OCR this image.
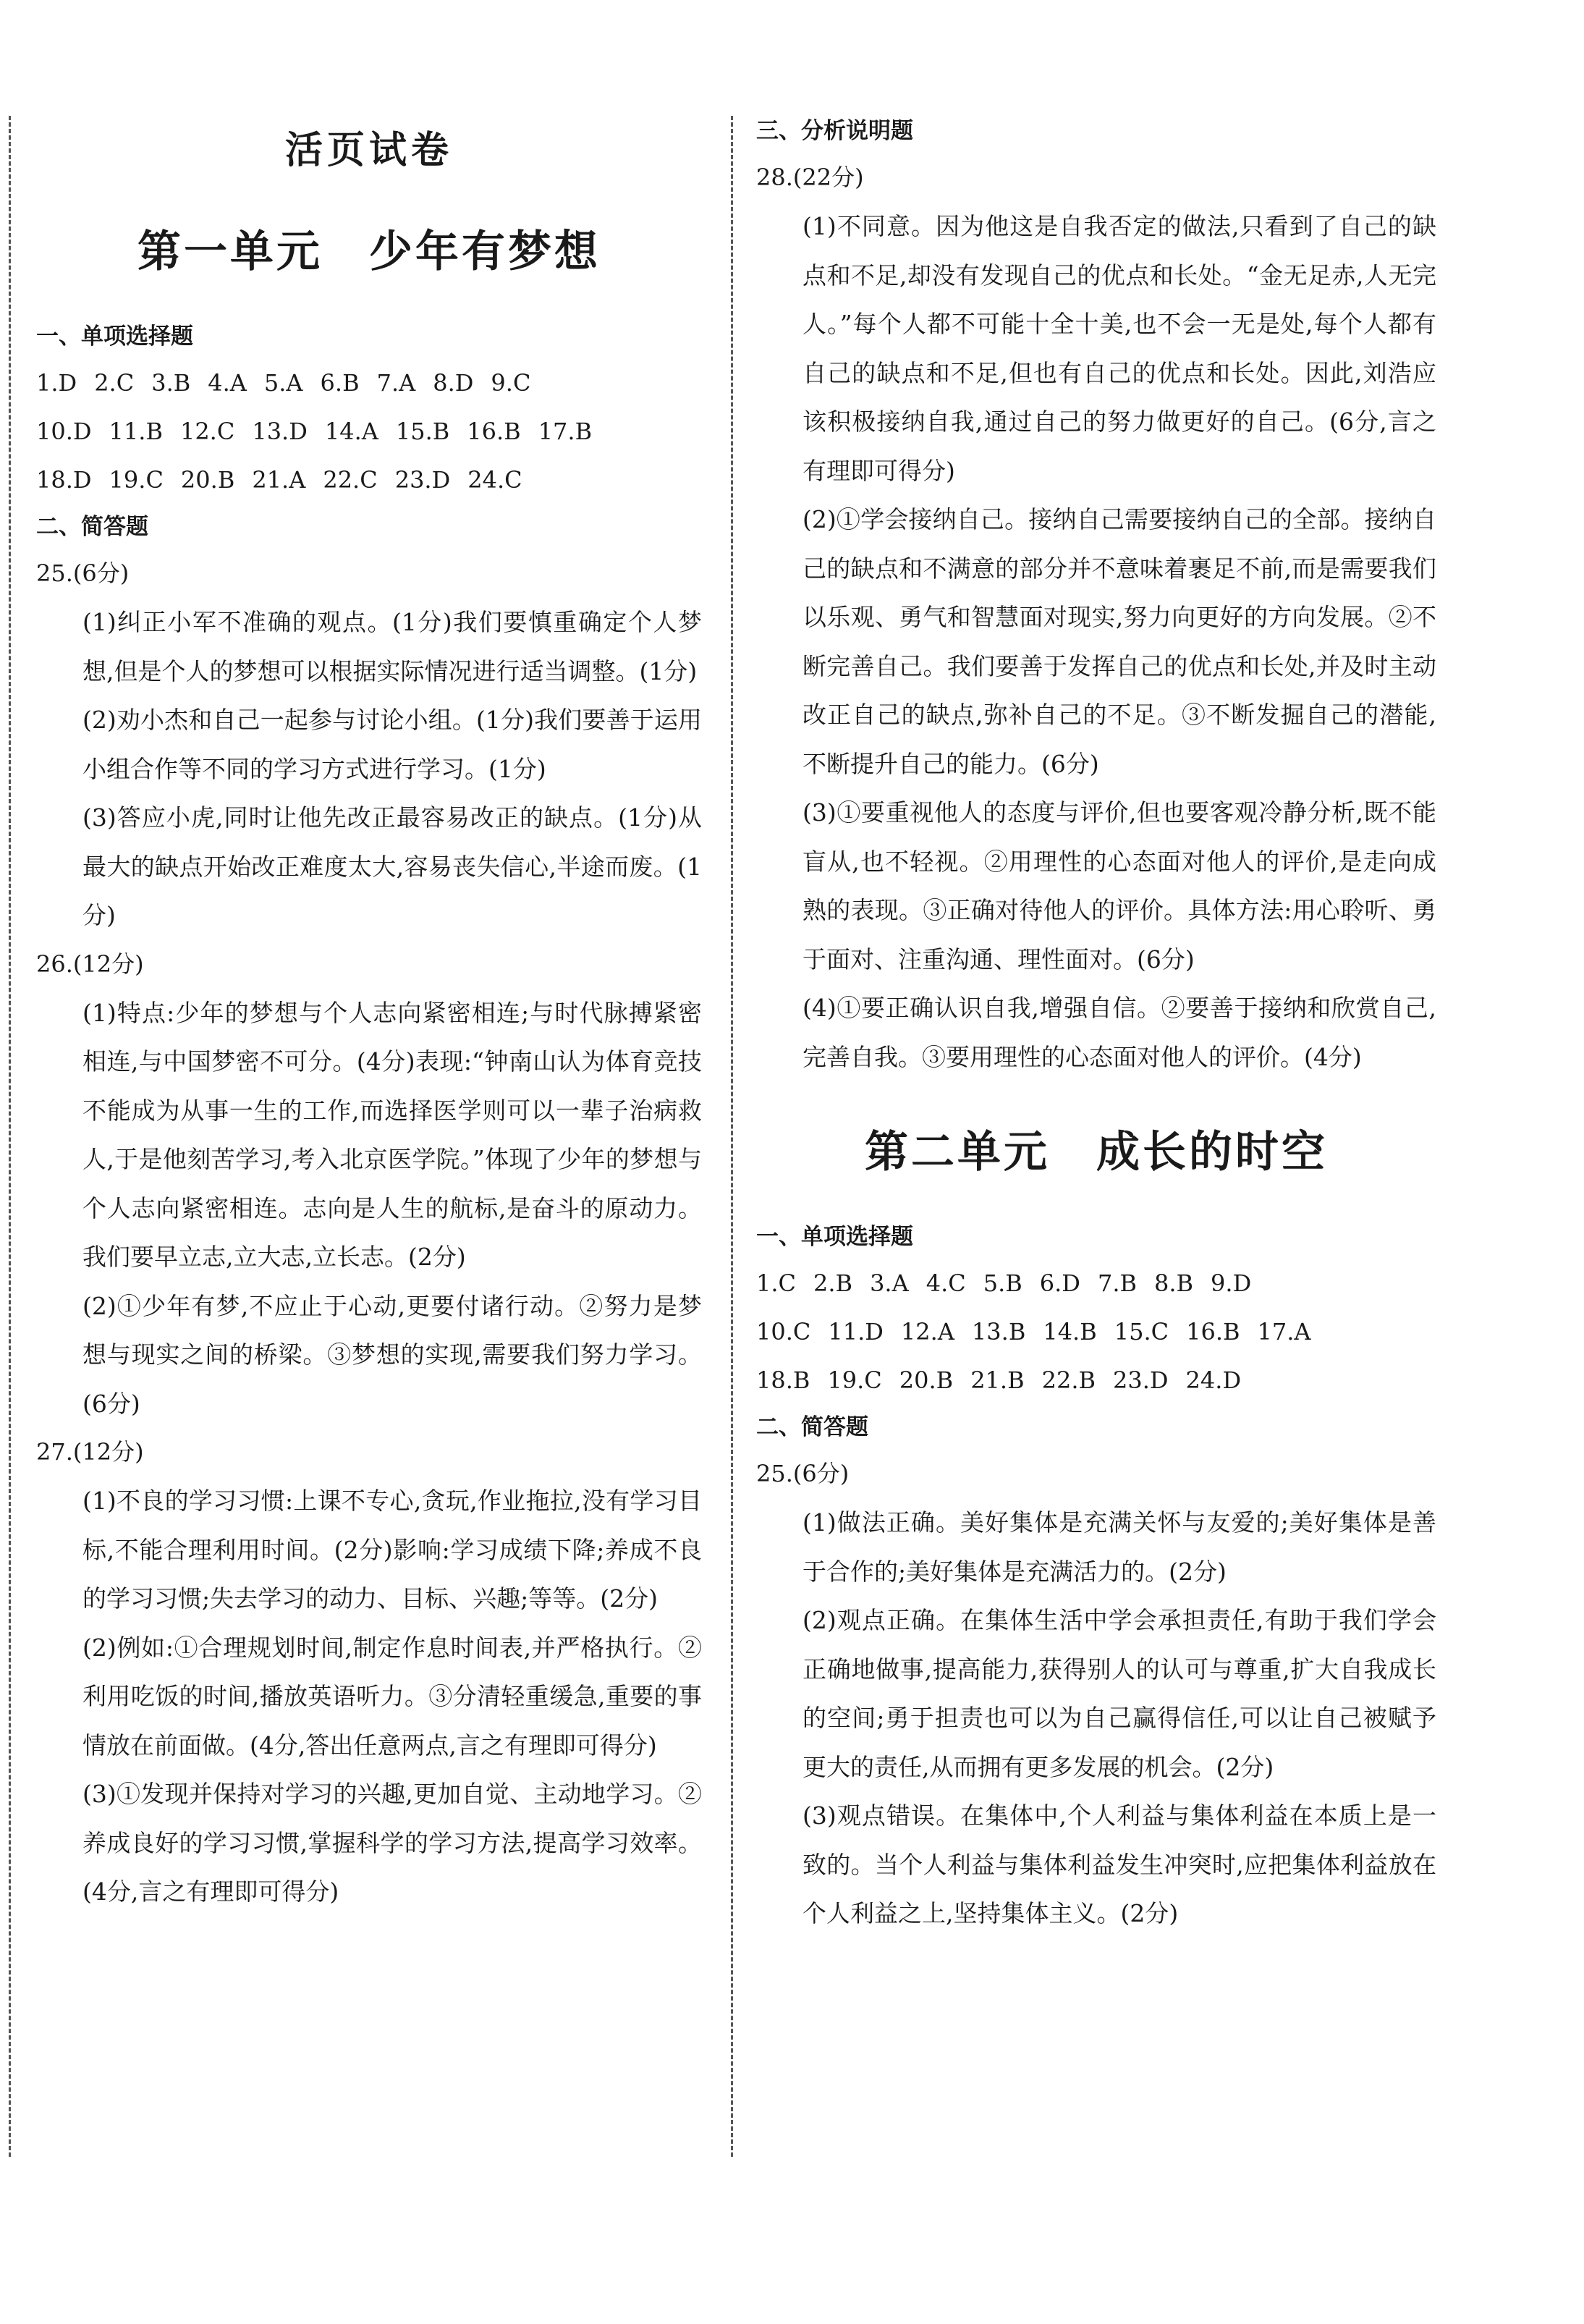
活页试卷
第一单元　少年有梦想
一、单项选择题
1.D 2.C 3.B 4.A 5.A 6.B 7.A 8.D 9.C
10.D 11.B 12.C 13.D 14.A 15.B 16.B 17.B
18.D 19.C 20.B 21.A 22.C 23.D 24.C
二、简答题
25.(6分)
(1)纠正小军不准确的观点。(1分)我们要慎重确定个人梦想,但是个人的梦想可以根据实际情况进行适当调整。(1分)
(2)劝小杰和自己一起参与讨论小组。(1分)我们要善于运用小组合作等不同的学习方式进行学习。(1分)
(3)答应小虎,同时让他先改正最容易改正的缺点。(1分)从最大的缺点开始改正难度太大,容易丧失信心,半途而废。(1分)
26.(12分)
(1)特点:少年的梦想与个人志向紧密相连;与时代脉搏紧密相连,与中国梦密不可分。(4分)表现:“钟南山认为体育竞技不能成为从事一生的工作,而选择医学则可以一辈子治病救人,于是他刻苦学习,考入北京医学院。”体现了少年的梦想与个人志向紧密相连。志向是人生的航标,是奋斗的原动力。我们要早立志,立大志,立长志。(2分)
(2)①少年有梦,不应止于心动,更要付诸行动。②努力是梦想与现实之间的桥梁。③梦想的实现,需要我们努力学习。(6分)
27.(12分)
(1)不良的学习习惯:上课不专心,贪玩,作业拖拉,没有学习目标,不能合理利用时间。(2分)影响:学习成绩下降;养成不良的学习习惯;失去学习的动力、目标、兴趣;等等。(2分)
(2)例如:①合理规划时间,制定作息时间表,并严格执行。②利用吃饭的时间,播放英语听力。③分清轻重缓急,重要的事情放在前面做。(4分,答出任意两点,言之有理即可得分)
(3)①发现并保持对学习的兴趣,更加自觉、主动地学习。②养成良好的学习习惯,掌握科学的学习方法,提高学习效率。(4分,言之有理即可得分)
三、分析说明题
28.(22分)
(1)不同意。因为他这是自我否定的做法,只看到了自己的缺点和不足,却没有发现自己的优点和长处。“金无足赤,人无完人。”每个人都不可能十全十美,也不会一无是处,每个人都有自己的缺点和不足,但也有自己的优点和长处。因此,刘浩应该积极接纳自我,通过自己的努力做更好的自己。(6分,言之有理即可得分)
(2)①学会接纳自己。接纳自己需要接纳自己的全部。接纳自己的缺点和不满意的部分并不意味着裹足不前,而是需要我们以乐观、勇气和智慧面对现实,努力向更好的方向发展。②不断完善自己。我们要善于发挥自己的优点和长处,并及时主动改正自己的缺点,弥补自己的不足。③不断发掘自己的潜能,不断提升自己的能力。(6分)
(3)①要重视他人的态度与评价,但也要客观冷静分析,既不能盲从,也不轻视。②用理性的心态面对他人的评价,是走向成熟的表现。③正确对待他人的评价。具体方法:用心聆听、勇于面对、注重沟通、理性面对。(6分)
(4)①要正确认识自我,增强自信。②要善于接纳和欣赏自己,完善自我。③要用理性的心态面对他人的评价。(4分)
第二单元　成长的时空
一、单项选择题
1.C 2.B 3.A 4.C 5.B 6.D 7.B 8.B 9.D
10.C 11.D 12.A 13.B 14.B 15.C 16.B 17.A
18.B 19.C 20.B 21.B 22.B 23.D 24.D
二、简答题
25.(6分)
(1)做法正确。美好集体是充满关怀与友爱的;美好集体是善于合作的;美好集体是充满活力的。(2分)
(2)观点正确。在集体生活中学会承担责任,有助于我们学会正确地做事,提高能力,获得别人的认可与尊重,扩大自我成长的空间;勇于担责也可以为自己赢得信任,可以让自己被赋予更大的责任,从而拥有更多发展的机会。(2分)
(3)观点错误。在集体中,个人利益与集体利益在本质上是一致的。当个人利益与集体利益发生冲突时,应把集体利益放在个人利益之上,坚持集体主义。(2分)
